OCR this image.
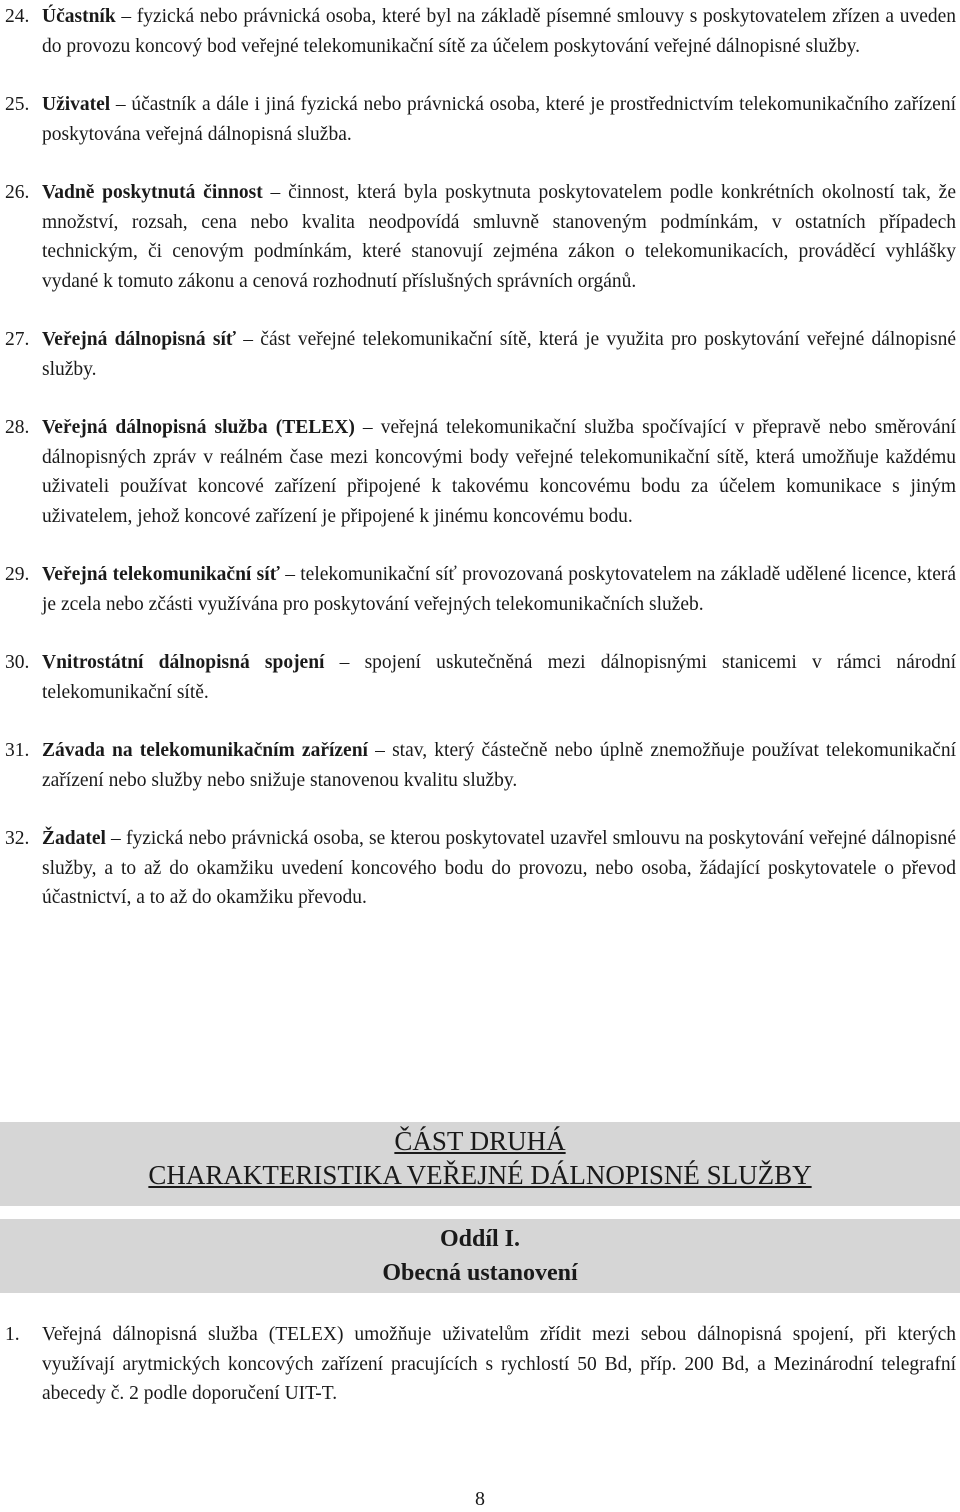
24. Účastník – fyzická nebo právnická osoba, které byl na základě písemné smlouvy s poskytovatelem zřízen a uveden do provozu koncový bod veřejné telekomunikační sítě za účelem poskytování veřejné dálnopisné služby.
25. Uživatel – účastník a dále i jiná fyzická nebo právnická osoba, které je prostřednictvím telekomunikačního zařízení poskytována veřejná dálnopisná služba.
26. Vadně poskytnutá činnost – činnost, která byla poskytnuta poskytovatelem podle konkrétních okolností tak, že množství, rozsah, cena nebo kvalita neodpovídá smluvně stanoveným podmínkám, v ostatních případech technickým, či cenovým podmínkám, které stanovují zejména zákon o telekomunikacích, prováděcí vyhlášky vydané k tomuto zákonu a cenová rozhodnutí příslušných správních orgánů.
27. Veřejná dálnopisná síť – část veřejné telekomunikační sítě, která je využita pro poskytování veřejné dálnopisné služby.
28. Veřejná dálnopisná služba (TELEX) – veřejná telekomunikační služba spočívající v přepravě nebo směrování dálnopisných zpráv v reálném čase mezi koncovými body veřejné telekomunikační sítě, která umožňuje každému uživateli používat koncové zařízení připojené k takovému koncovému bodu za účelem komunikace s jiným uživatelem, jehož koncové zařízení je připojené k jinému koncovému bodu.
29. Veřejná telekomunikační síť – telekomunikační síť provozovaná poskytovatelem na základě udělené licence, která je zcela nebo zčásti využívána pro poskytování veřejných telekomunikačních služeb.
30. Vnitrostátní dálnopisná spojení – spojení uskutečněná mezi dálnopisnými stanicemi v rámci národní telekomunikační sítě.
31. Závada na telekomunikačním zařízení – stav, který částečně nebo úplně znemožňuje používat telekomunikační zařízení nebo služby nebo snižuje stanovenou kvalitu služby.
32. Žadatel – fyzická nebo právnická osoba, se kterou poskytovatel uzavřel smlouvu na poskytování veřejné dálnopisné služby, a to až do okamžiku uvedení koncového bodu do provozu, nebo osoba, žádající poskytovatele o převod účastnictví, a to až do okamžiku převodu.
ČÁST DRUHÁ
CHARAKTERISTIKA VEŘEJNÉ DÁLNOPISNÉ SLUŽBY
Oddíl I.
Obecná ustanovení
1. Veřejná dálnopisná služba (TELEX) umožňuje uživatelům zřídit mezi sebou dálnopisná spojení, při kterých využívají arytmických koncových zařízení pracujících s rychlostí 50 Bd, příp. 200 Bd, a Mezinárodní telegrafní abecedy č. 2 podle doporučení UIT-T.
8
